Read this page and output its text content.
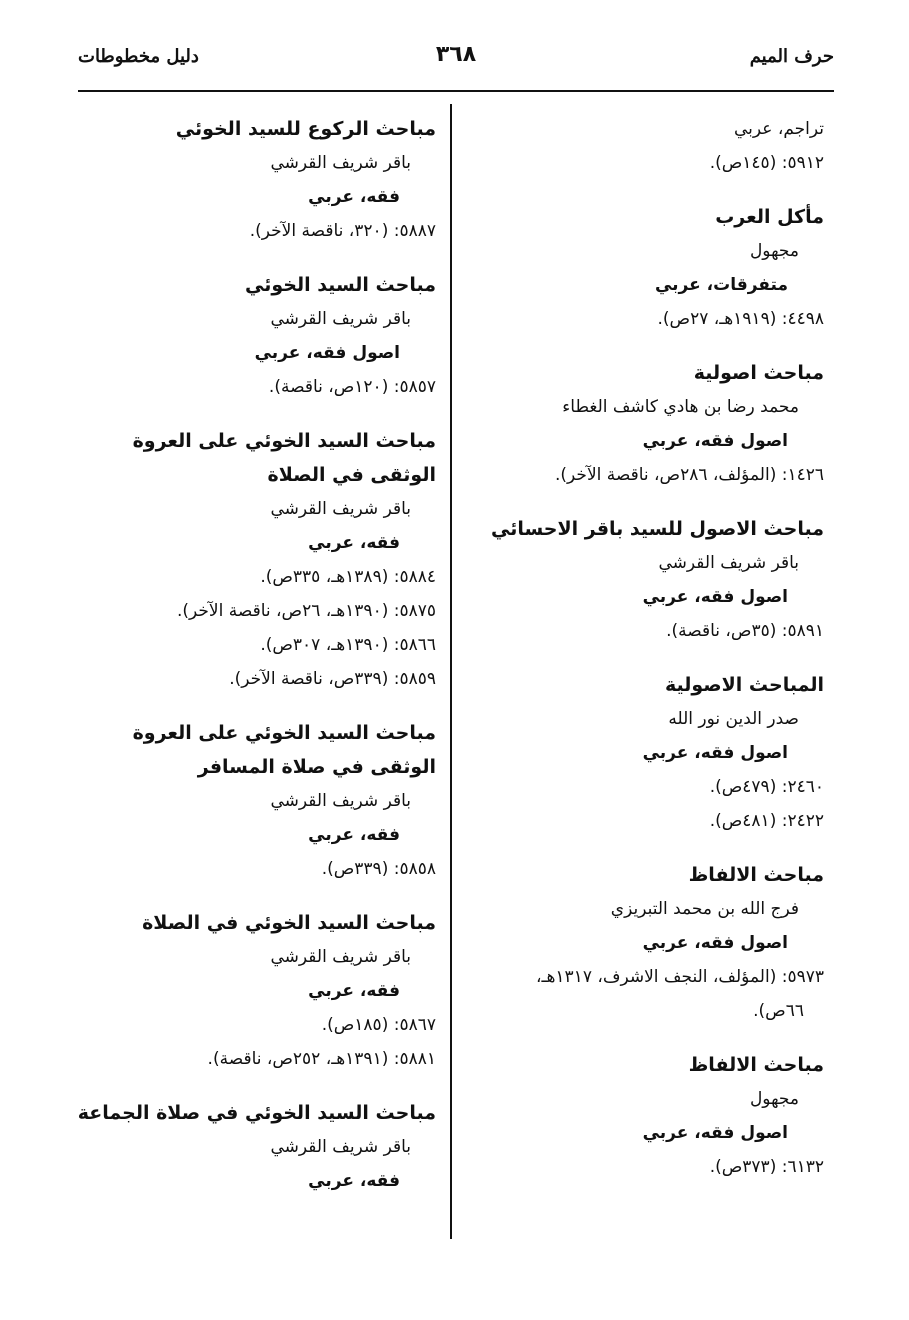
حرف الميم
٣٦٨
دليل مخطوطات
تراجم، عربي
٥٩١٢: (١٤٥ص).
مأكل العرب
مجهول
متفرقات، عربي
٤٤٩٨: (١٩١٩هـ، ٢٧ص).
مباحث اصولية
محمد رضا بن هادي كاشف الغطاء
اصول فقه، عربي
١٤٢٦: (المؤلف، ٢٨٦ص، ناقصة الآخر).
مباحث الاصول للسيد باقر الاحسائي
باقر شريف القرشي
اصول فقه، عربي
٥٨٩١: (٣٥ص، ناقصة).
المباحث الاصولية
صدر الدين نور الله
اصول فقه، عربي
٢٤٦٠: (٤٧٩ص).
٢٤٢٢: (٤٨١ص).
مباحث الالفاظ
فرج الله بن محمد التبريزي
اصول فقه، عربي
٥٩٧٣: (المؤلف، النجف الاشرف، ١٣١٧هـ،
٦٦ص).
مباحث الالفاظ
مجهول
اصول فقه، عربي
٦١٣٢: (٣٧٣ص).
مباحث الركوع للسيد الخوئي
باقر شريف القرشي
فقه، عربي
٥٨٨٧: (٣٢٠، ناقصة الآخر).
مباحث السيد الخوئي
باقر شريف القرشي
اصول فقه، عربي
٥٨٥٧: (١٢٠ص، ناقصة).
مباحث السيد الخوئي على العروة الوثقى في الصلاة
باقر شريف القرشي
فقه، عربي
٥٨٨٤: (١٣٨٩هـ، ٣٣٥ص).
٥٨٧٥: (١٣٩٠هـ، ٢٦ص، ناقصة الآخر).
٥٨٦٦: (١٣٩٠هـ، ٣٠٧ص).
٥٨٥٩: (٣٣٩ص، ناقصة الآخر).
مباحث السيد الخوئي على العروة الوثقى في صلاة المسافر
باقر شريف القرشي
فقه، عربي
٥٨٥٨: (٣٣٩ص).
مباحث السيد الخوئي في الصلاة
باقر شريف القرشي
فقه، عربي
٥٨٦٧: (١٨٥ص).
٥٨٨١: (١٣٩١هـ، ٢٥٢ص، ناقصة).
مباحث السيد الخوئي في صلاة الجماعة
باقر شريف القرشي
فقه، عربي
